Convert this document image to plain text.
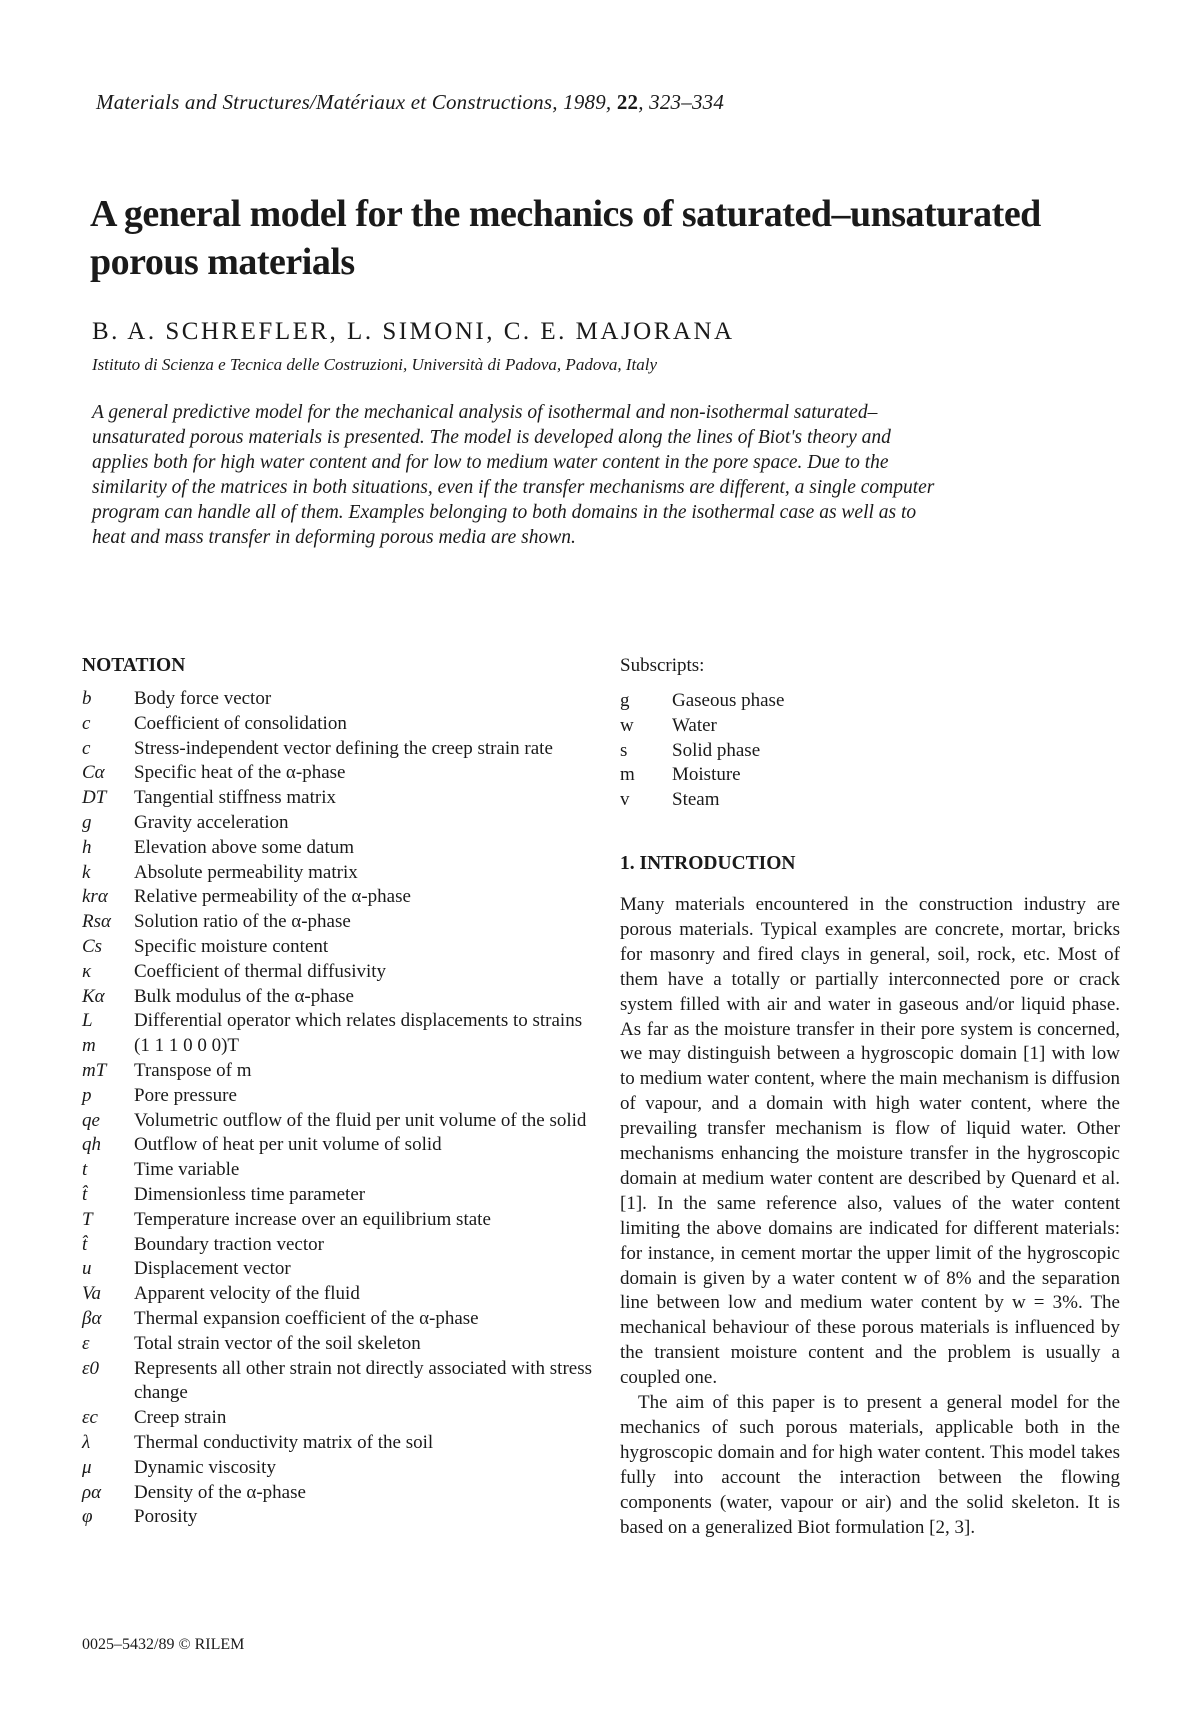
Materials and Structures/Matériaux et Constructions, 1989, 22, 323–334
A general model for the mechanics of saturated–unsaturated porous materials
B. A. SCHREFLER, L. SIMONI, C. E. MAJORANA
Istituto di Scienza e Tecnica delle Costruzioni, Università di Padova, Padova, Italy

A general predictive model for the mechanical analysis of isothermal and non-isothermal saturated–unsaturated porous materials is presented. The model is developed along the lines of Biot's theory and applies both for high water content and for low to medium water content in the pore space. Due to the similarity of the matrices in both situations, even if the transfer mechanisms are different, a single computer program can handle all of them. Examples belonging to both domains in the isothermal case as well as to heat and mass transfer in deforming porous media are shown.

NOTATION
b	Body force vector
c	Coefficient of consolidation
c	Stress-independent vector defining the creep strain rate
Cα	Specific heat of the α-phase
DT	Tangential stiffness matrix
g	Gravity acceleration
h	Elevation above some datum
k	Absolute permeability matrix
krα	Relative permeability of the α-phase
Rsα	Solution ratio of the α-phase
Cs	Specific moisture content
κ	Coefficient of thermal diffusivity
Kα	Bulk modulus of the α-phase
L	Differential operator which relates displacements to strains
m	(1 1 1 0 0 0)T
mT	Transpose of m
p	Pore pressure
qe	Volumetric outflow of the fluid per unit volume of the solid
qh	Outflow of heat per unit volume of solid
t	Time variable
t̂	Dimensionless time parameter
T	Temperature increase over an equilibrium state
t̂	Boundary traction vector
u	Displacement vector
Va	Apparent velocity of the fluid
βα	Thermal expansion coefficient of the α-phase
ε	Total strain vector of the soil skeleton
ε0	Represents all other strain not directly associated with stress change
εc	Creep strain
λ	Thermal conductivity matrix of the soil
μ	Dynamic viscosity
ρα	Density of the α-phase
φ	Porosity
Subscripts:
g	Gaseous phase
w	Water
s	Solid phase
m	Moisture
v	Steam
1. INTRODUCTION

Many materials encountered in the construction industry are porous materials. Typical examples are concrete, mortar, bricks for masonry and fired clays in general, soil, rock, etc. Most of them have a totally or partially interconnected pore or crack system filled with air and water in gaseous and/or liquid phase. As far as the moisture transfer in their pore system is concerned, we may distinguish between a hygroscopic domain [1] with low to medium water content, where the main mechanism is diffusion of vapour, and a domain with high water content, where the prevailing transfer mechanism is flow of liquid water. Other mechanisms enhancing the moisture transfer in the hygroscopic domain at medium water content are described by Quenard et al. [1]. In the same reference also, values of the water content limiting the above domains are indicated for different materials: for instance, in cement mortar the upper limit of the hygroscopic domain is given by a water content w of 8% and the separation line between low and medium water content by w = 3%. The mechanical behaviour of these porous materials is influenced by the transient moisture content and the problem is usually a coupled one.

The aim of this paper is to present a general model for the mechanics of such porous materials, applicable both in the hygroscopic domain and for high water content. This model takes fully into account the interaction between the flowing components (water, vapour or air) and the solid skeleton. It is based on a generalized Biot formulation [2, 3].

0025–5432/89 © RILEM
